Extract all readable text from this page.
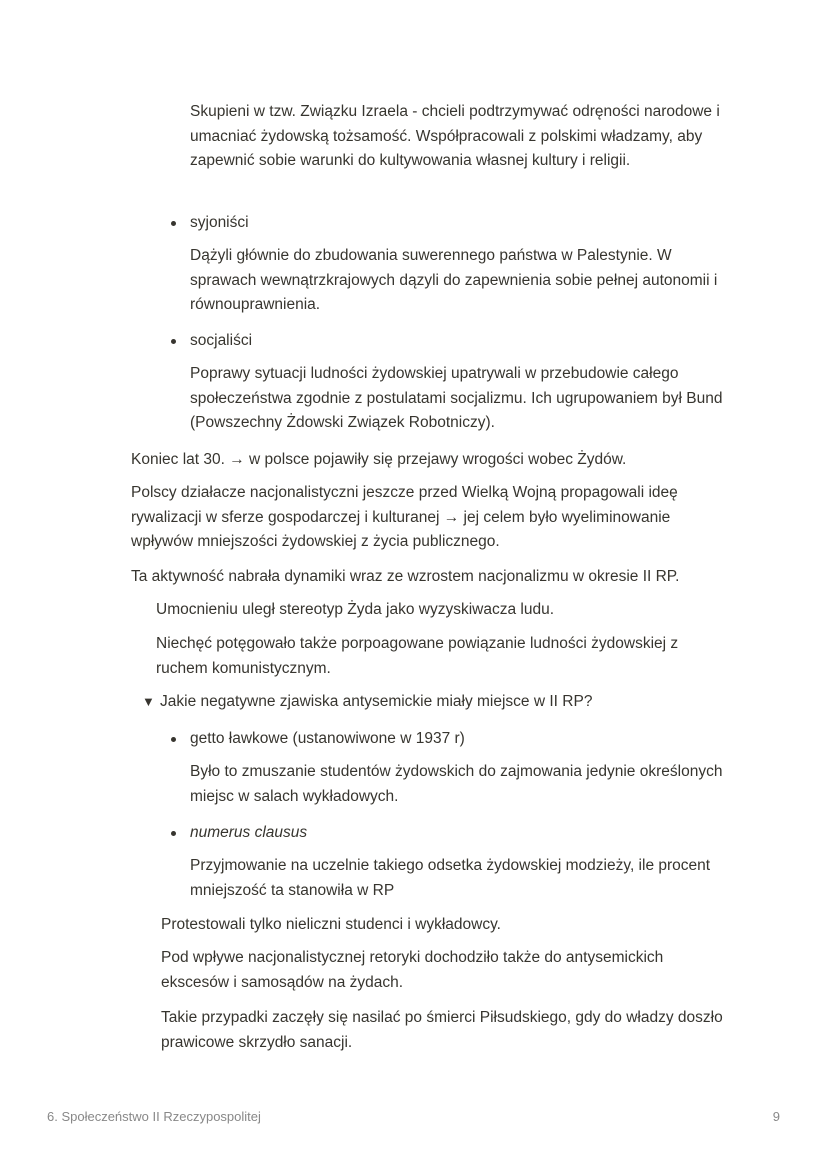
Skupieni w tzw. Związku Izraela - chcieli podtrzymywać odręności narodowe i umacniać żydowską tożsamość. Współpracowali z polskimi władzamy, aby zapewnić sobie warunki do kultywowania własnej kultury i religii.

syjoniści

Dążyli głównie do zbudowania suwerennego państwa w Palestynie. W sprawach wewnątrzkrajowych dązyli do zapewnienia sobie pełnej autonomii i równouprawnienia.

socjaliści

Poprawy sytuacji ludności żydowskiej upatrywali w przebudowie całego społeczeństwa zgodnie z postulatami socjalizmu. Ich ugrupowaniem był Bund (Powszechny Żdowski Związek Robotniczy).

Koniec lat 30. → w polsce pojawiły się przejawy wrogości wobec Żydów.

Polscy działacze nacjonalistyczni jeszcze przed Wielką Wojną propagowali ideę rywalizacji w sferze gospodarczej i kulturanej → jej celem było wyeliminowanie wpływów mniejszości żydowskiej z życia publicznego.

Ta aktywność nabrała dynamiki wraz ze wzrostem nacjonalizmu w okresie II RP.

Umocnieniu uległ stereotyp Żyda jako wyzyskiwacza ludu.

Niechęć potęgowało także porpoagowane powiązanie ludności żydowskiej z ruchem komunistycznym.

▼ Jakie negatywne zjawiska antysemickie miały miejsce w II RP?
getto ławkowe (ustanowiwone w 1937 r)

Było to zmuszanie studentów żydowskich do zajmowania jedynie określonych miejsc w salach wykładowych.

numerus clausus

Przyjmowanie na uczelnie takiego odsetka żydowskiej modzieży, ile procent mniejszość ta stanowiła w RP

Protestowali tylko nieliczni studenci i wykładowcy.

Pod wpływe nacjonalistycznej retoryki dochodziło także do antysemickich ekscesów i samosądów na żydach.

Takie przypadki zaczęły się nasilać po śmierci Piłsudskiego, gdy do władzy doszło prawicowe skrzydło sanacji.

6. Społeczeństwo II Rzeczypospolitej	9
